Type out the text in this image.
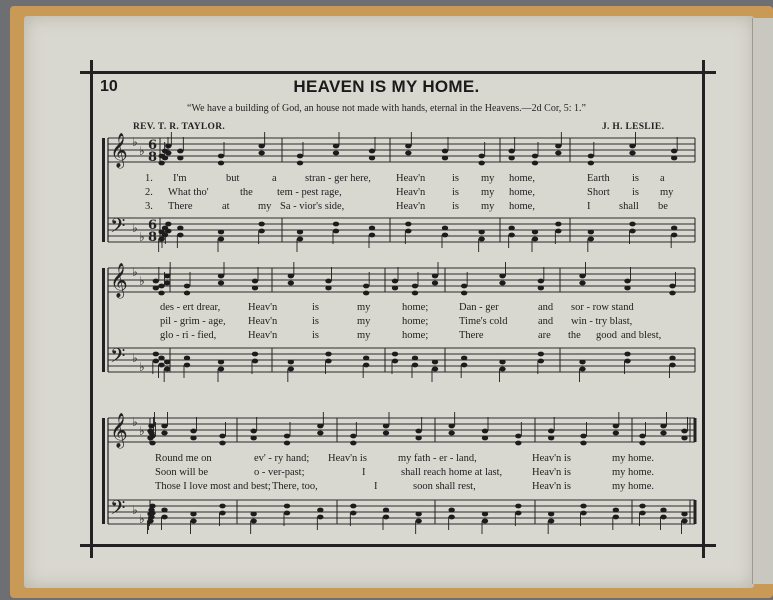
10	HEAVEN IS MY HOME.
“We have a building of God, an house not made with hands, eternal in the Heavens.—2d Cor, 5: 1.”
REV. T. R. TAYLOR.	J. H. LESLIE.
𝄞
𝄢
♭
♭
♭
♭
6
8
6
8
𝄞
𝄢
♭
♭
♭
♭
𝄞
𝄢
♭
♭
♭
♭
1. I'm	but	a	stran - ger here, Heav'n	is my home,	Earth is a
2. What tho'	the tem - pest rage,	Heav'n	is my home,	Short is my
3. There	at	my Sa - vior's side,	Heav'n	is my home,	I	shall be
des - ert drear,	Heav'n	is	my	home;	Dan - ger	and sor - row stand
pil - grim - age, Heav'n	is	my	home;	Time's cold	and win - try blast,
glo - ri - fied,	Heav'n	is	my	home;	There	are the good and blest,
Round me on	ev' - ry hand; Heav'n is	my fath - er - land,	Heav'n is	my home.
Soon will be	o - ver-past;	I	shall reach home at last,	Heav'n is	my home.
Those I love most and best; There, too,	I	soon shall rest,	Heav'n is	my home.
